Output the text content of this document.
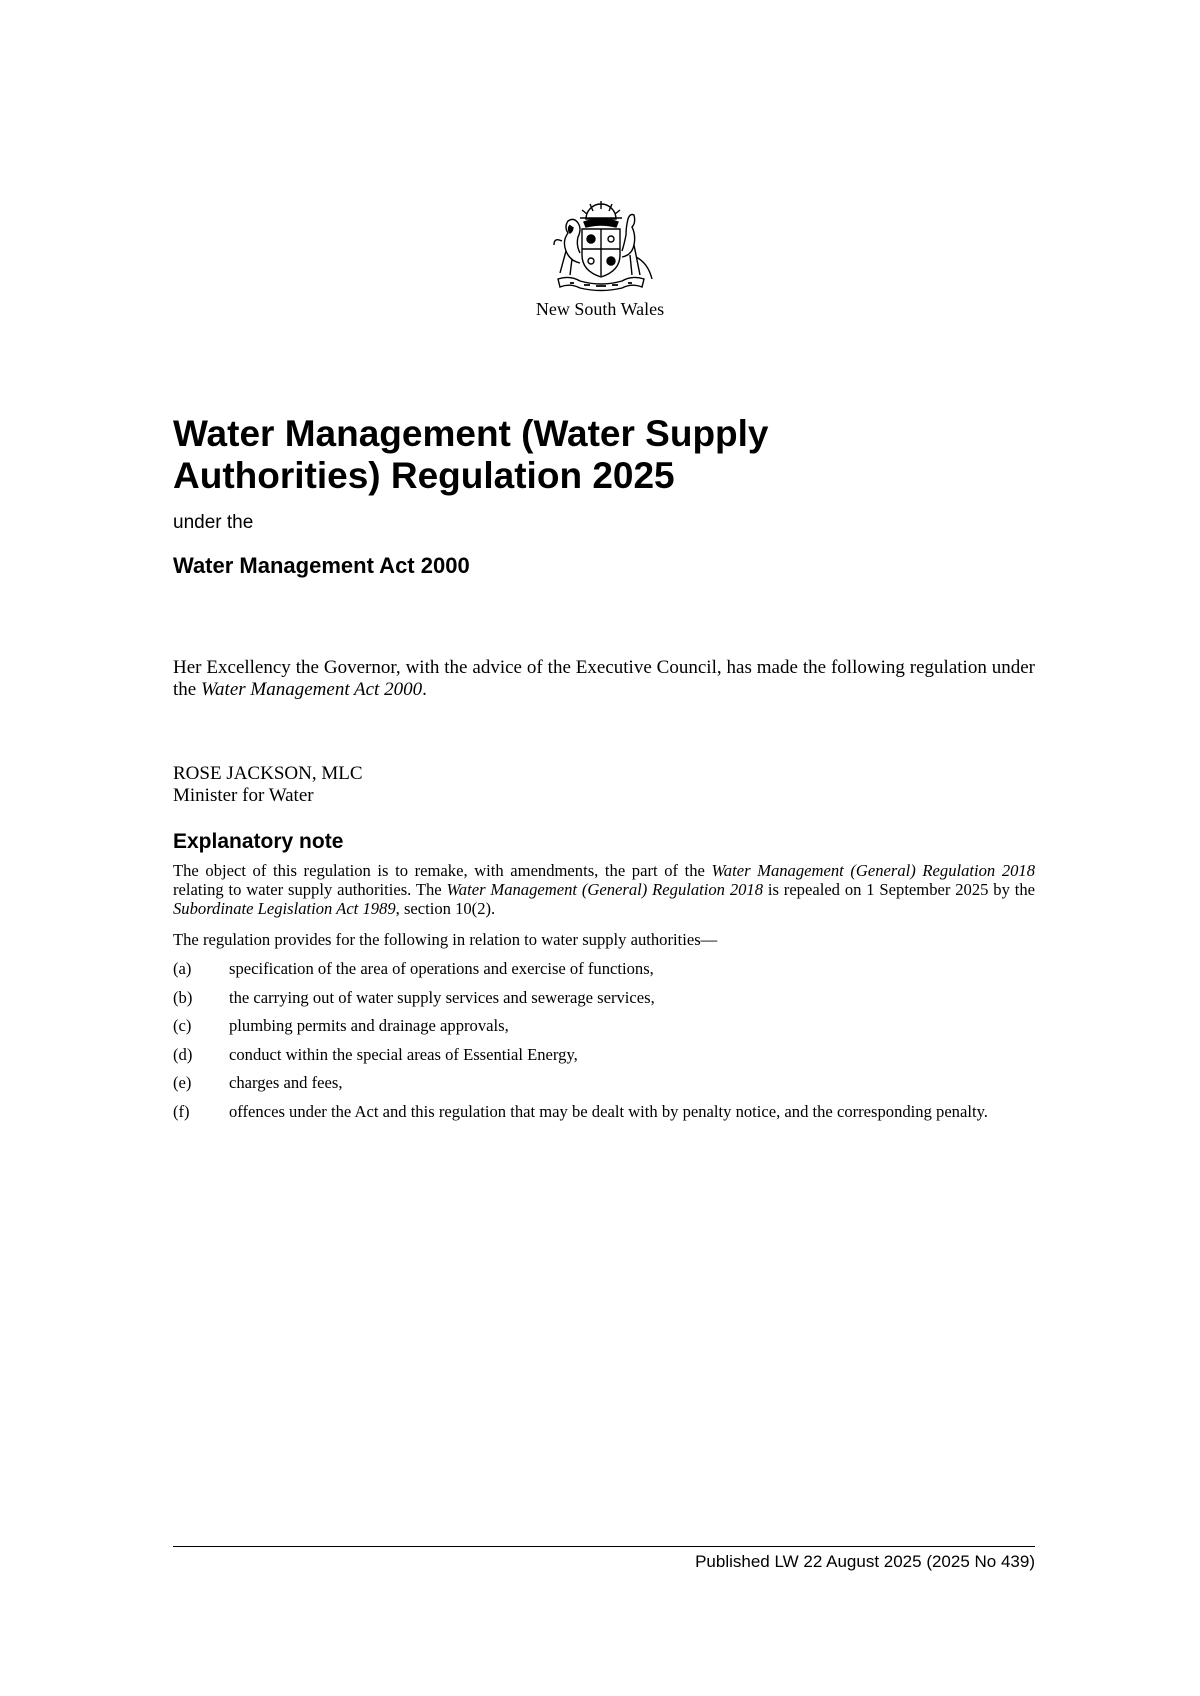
New South Wales
Water Management (Water Supply
Authorities) Regulation 2025
under the
Water Management Act 2000
Her Excellency the Governor, with the advice of the Executive Council, has made the following regulation under the Water Management Act 2000.
ROSE JACKSON, MLC
Minister for Water
Explanatory note
The object of this regulation is to remake, with amendments, the part of the Water Management (General) Regulation 2018 relating to water supply authorities. The Water Management (General) Regulation 2018 is repealed on 1 September 2025 by the Subordinate Legislation Act 1989, section 10(2).
The regulation provides for the following in relation to water supply authorities—
(a) specification of the area of operations and exercise of functions,
(b) the carrying out of water supply services and sewerage services,
(c) plumbing permits and drainage approvals,
(d) conduct within the special areas of Essential Energy,
(e) charges and fees,
(f) offences under the Act and this regulation that may be dealt with by penalty notice, and the corresponding penalty.
Published LW 22 August 2025 (2025 No 439)
